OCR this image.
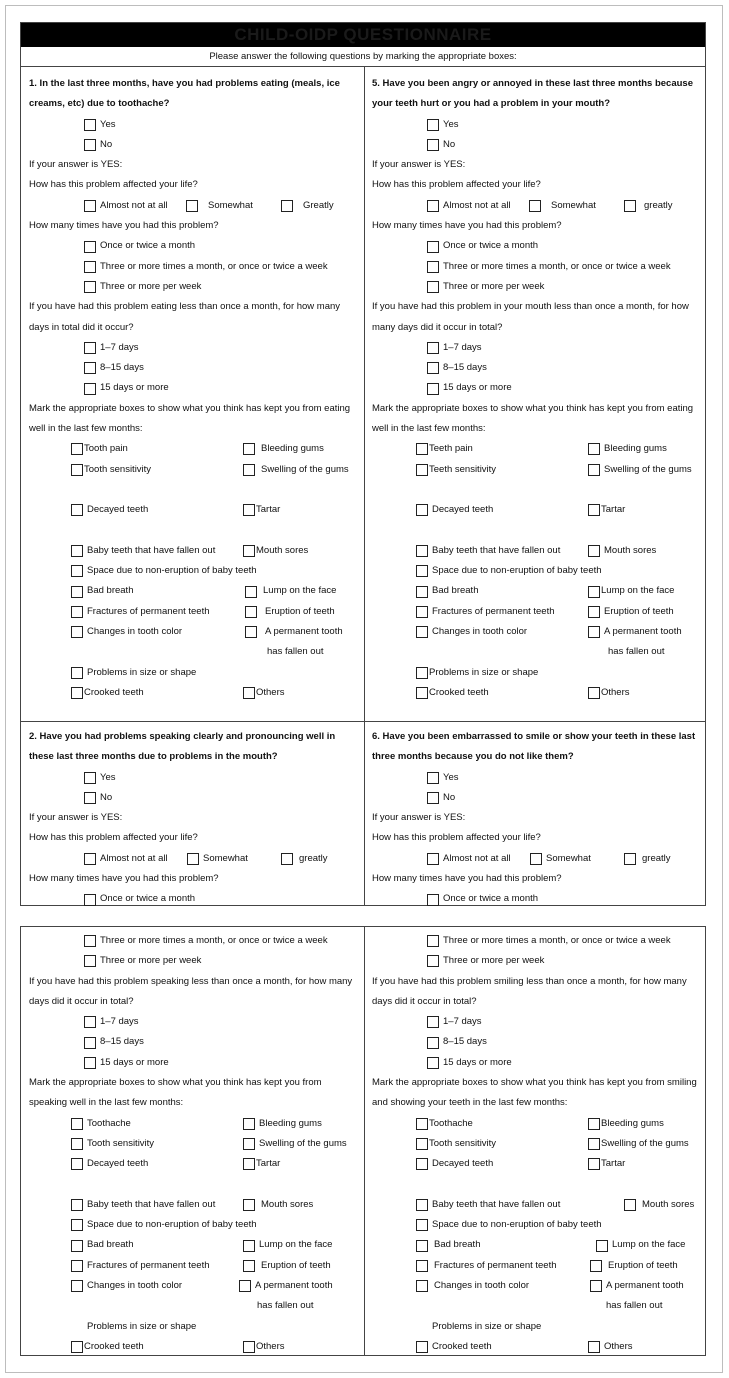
CHILD-OIDP QUESTIONNAIRE
Please answer the following questions by marking the appropriate boxes:
1. In the last three months, have you had problems eating (meals, ice creams, etc) due to toothache?
Yes
No
If your answer is YES:
How has this problem affected your life?
Almost not at all	Somewhat	Greatly
How many times have you had this problem?
Once or twice a month
Three or more times a month, or once or twice a week
Three or more per week
If you have had this problem eating less than once a month, for how many days in total did it occur?
1–7 days
8–15 days
15 days or more
Mark the appropriate boxes to show what you think has kept you from eating well in the last few months:
Tooth pain	Bleeding gums
Tooth sensitivity	Swelling of the gums
Decayed teeth	Tartar
Baby teeth that have fallen out	Mouth sores
Space due to non-eruption of baby teeth
Bad breath	Lump on the face
Fractures of permanent teeth	Eruption of teeth
Changes in tooth color	A permanent tooth
has fallen out
Problems in size or shape
Crooked teeth	Others
5. Have you been angry or annoyed in these last three months because your teeth hurt or you had a problem in your mouth?
Yes
No
If your answer is YES:
How has this problem affected your life?
Almost not at all	Somewhat	greatly
How many times have you had this problem?
Once or twice a month
Three or more times a month, or once or twice a week
Three or more per week
If you have had this problem in your mouth less than once a month, for how many days did it occur in total?
1–7 days
8–15 days
15 days or more
Mark the appropriate boxes to show what you think has kept you from eating well in the last few months:
Teeth pain	Bleeding gums
Teeth sensitivity	Swelling of the gums
Decayed teeth	Tartar
Baby teeth that have fallen out	Mouth sores
Space due to non-eruption of baby teeth
Bad breath	Lump on the face
Fractures of permanent teeth	Eruption of teeth
Changes in tooth color	A permanent tooth
has fallen out
Problems in size or shape
Crooked teeth	Others
2. Have you had problems speaking clearly and pronouncing well in these last three months due to problems in the mouth?
Yes
No
If your answer is YES:
How has this problem affected your life?
Almost not at all	Somewhat	greatly
How many times have you had this problem?
Once or twice a month
6. Have you been embarrassed to smile or show your teeth in these last three months because you do not like them?
Yes
No
If your answer is YES:
How has this problem affected your life?
Almost not at all	Somewhat	greatly
How many times have you had this problem?
Once or twice a month
Three or more times a month, or once or twice a week
Three or more per week
If you have had this problem speaking less than once a month, for how many days did it occur in total?
1–7 days
8–15 days
15 days or more
Mark the appropriate boxes to show what you think has kept you from speaking well in the last few months:
Toothache	Bleeding gums
Tooth sensitivity	Swelling of the gums
Decayed teeth	Tartar
Baby teeth that have fallen out	Mouth sores
Space due to non-eruption of baby teeth
Bad breath	Lump on the face
Fractures of permanent teeth	Eruption of teeth
Changes in tooth color	A permanent tooth
has fallen out
Problems in size or shape
Crooked teeth	Others
Three or more times a month, or once or twice a week
Three or more per week
If you have had this problem smiling less than once a month, for how many days did it occur in total?
1–7 days
8–15 days
15 days or more
Mark the appropriate boxes to show what you think has kept you from smiling and showing your teeth in the last few months:
Toothache	Bleeding gums
Tooth sensitivity	Swelling of the gums
Decayed teeth	Tartar
Baby teeth that have fallen out	Mouth sores
Space due to non-eruption of baby teeth
Bad breath	Lump on the face
Fractures of permanent teeth	Eruption of teeth
Changes in tooth color	A permanent tooth
has fallen out
Problems in size or shape
Crooked teeth	Others
